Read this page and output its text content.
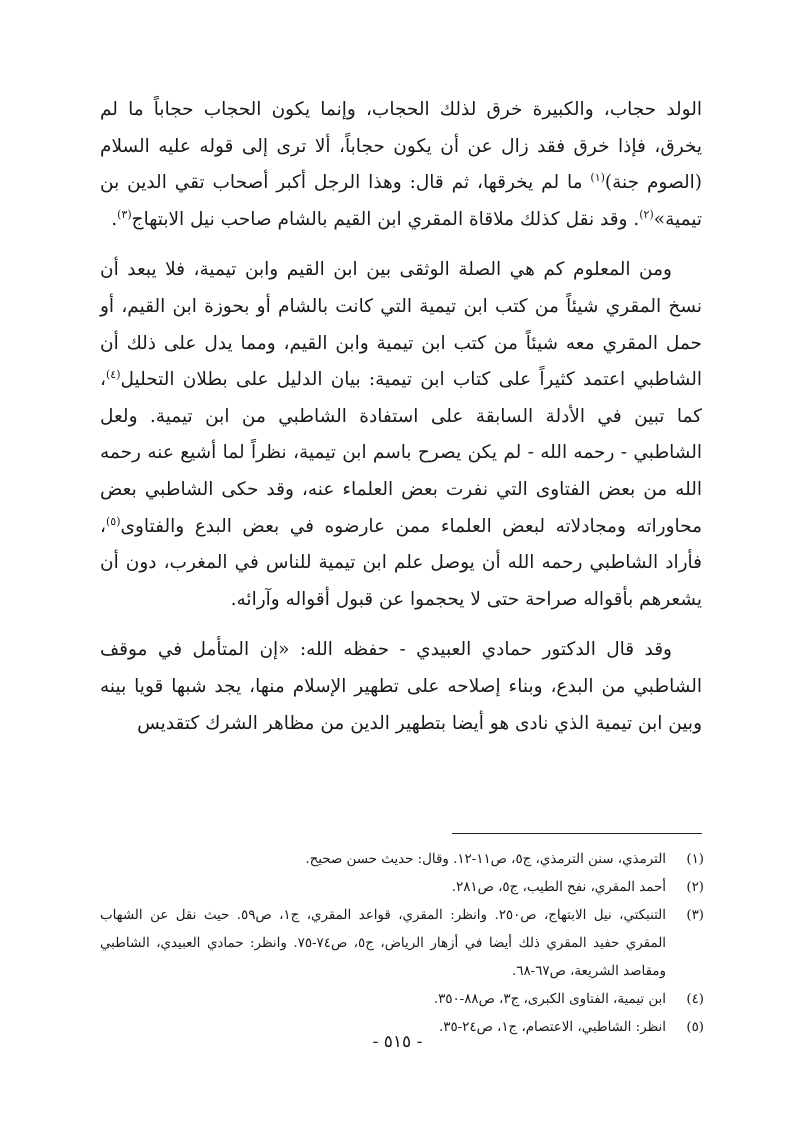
الولد حجاب، والكبيرة خرق لذلك الحجاب، وإنما يكون الحجاب حجاباً ما لم يخرق، فإذا خرق فقد زال عن أن يكون حجاباً، ألا ترى إلى قوله عليه السلام (الصوم جنة)$^{(١)}$ ما لم يخرقها، ثم قال: وهذا الرجل أكبر أصحاب تقي الدين بن تيمية»$^{(٢)}$. وقد نقل كذلك ملاقاة المقري ابن القيم بالشام صاحب نيل الابتهاج$^{(٣)}$.

ومن المعلوم كم هي الصلة الوثقى بين ابن القيم وابن تيمية، فلا يبعد أن نسخ المقري شيئاً من كتب ابن تيمية التي كانت بالشام أو بحوزة ابن القيم، أو حمل المقري معه شيئاً من كتب ابن تيمية وابن القيم، ومما يدل على ذلك أن الشاطبي اعتمد كثيراً على كتاب ابن تيمية: بيان الدليل على بطلان التحليل$^{(٤)}$، كما تبين في الأدلة السابقة على استفادة الشاطبي من ابن تيمية. ولعل الشاطبي - رحمه الله - لم يكن يصرح باسم ابن تيمية، نظراً لما أشيع عنه رحمه الله من بعض الفتاوى التي نفرت بعض العلماء عنه، وقد حكى الشاطبي بعض محاوراته ومجادلاته لبعض العلماء ممن عارضوه في بعض البدع والفتاوى$^{(٥)}$، فأراد الشاطبي رحمه الله أن يوصل علم ابن تيمية للناس في المغرب، دون أن يشعرهم بأقواله صراحة حتى لا يحجموا عن قبول أقواله وآرائه.

وقد قال الدكتور حمادي العبيدي - حفظه الله: «إن المتأمل في موقف الشاطبي من البدع، وبناء إصلاحه على تطهير الإسلام منها، يجد شبها قويا بينه وبين ابن تيمية الذي نادى هو أيضا بتطهير الدين من مظاهر الشرك كتقديس

(١)
الترمذي، سنن الترمذي، ج٥، ص١١-١٢. وقال: حديث حسن صحيح.
(٢)
أحمد المقري، نفح الطيب، ج٥، ص٢٨١.
(٣)
التنبكتي، نيل الابتهاج، ص٢٥٠. وانظر: المقري، قواعد المقري، ج١، ص٥٩. حيث نقل عن الشهاب المقري حفيد المقري ذلك أيضا في أزهار الرياض، ج٥، ص٧٤-٧٥. وانظر: حمادي العبيدي، الشاطبي ومقاصد الشريعة، ص٦٧-٦٨.
(٤)
ابن تيمية، الفتاوى الكبرى، ج٣، ص٨٨-٣٥٠.
(٥)
انظر: الشاطبي، الاعتصام، ج١، ص٢٤-٣٥.
- ٥١٥ -
